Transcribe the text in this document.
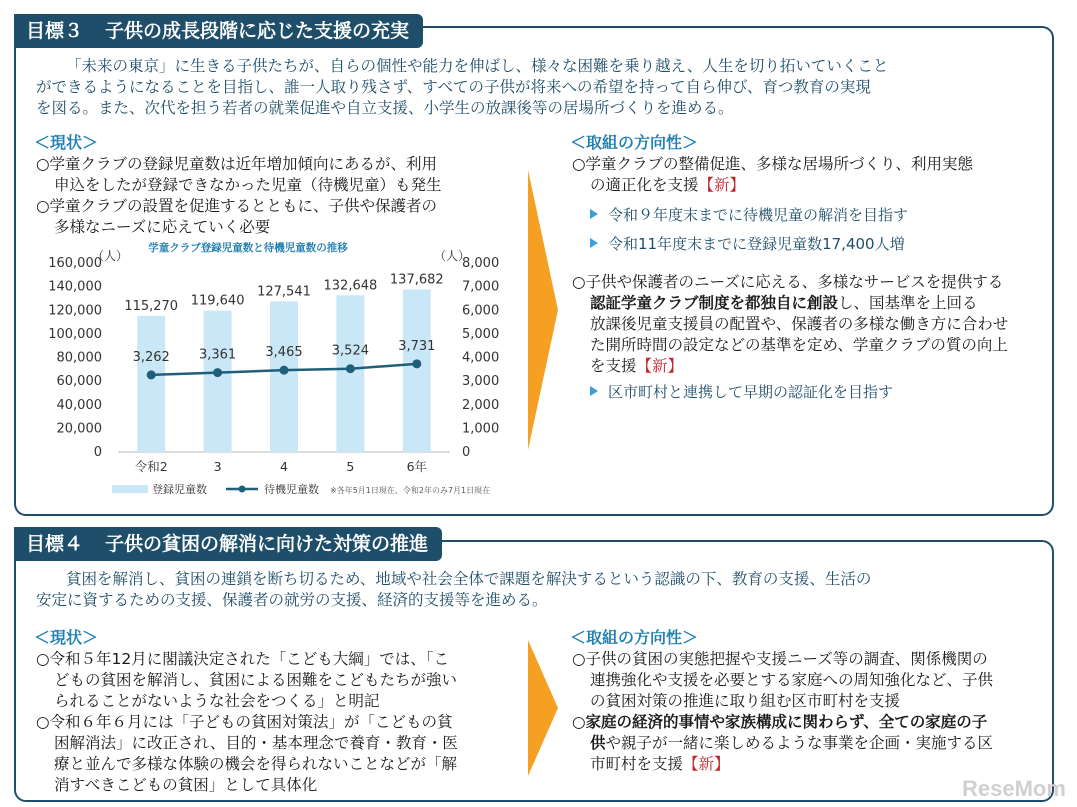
目標３ 子供の成長段階に応じた支援の充実
「未来の東京」に生きる子供たちが、自らの個性や能力を伸ばし、様々な困難を乗り越え、人生を切り拓いていくこと
ができるようになることを目指し、誰一人取り残さず、すべての子供が将来への希望を持って自ら伸び、育つ教育の実現
を図る。また、次代を担う若者の就業促進や自立支援、小学生の放課後等の居場所づくりを進める。
＜現状＞
○学童クラブの登録児童数は近年増加傾向にあるが、利用
申込をしたが登録できなかった児童（待機児童）も発生
○学童クラブの設置を促進するとともに、子供や保護者の
多様なニーズに応えていく必要
学童クラブ登録児童数と待機児童数の推移
（人）	（人）
160,000
140,000
120,000
100,000
80,000
60,000
40,000
20,000
0
8,000
7,000
6,000
5,000
4,000
3,000
2,000
1,000
0
115,270 119,640
127,541 132,648 137,682
3,262 3,361 3,465 3,524 3,731
令和2	3	4	5	6年
登録児童数	待機児童数 ※各年5月1日現在、令和2年のみ7月1日現在
＜取組の方向性＞
○学童クラブの整備促進、多様な居場所づくり、利用実態
の適正化を支援【新】
令和９年度末までに待機児童の解消を目指す
令和11年度末までに登録児童数17,400人増
○子供や保護者のニーズに応える、多様なサービスを提供する
認証学童クラブ制度を都独自に創設し、国基準を上回る
放課後児童支援員の配置や、保護者の多様な働き方に合わせ
た開所時間の設定などの基準を定め、学童クラブの質の向上
を支援【新】
区市町村と連携して早期の認証化を目指す
目標４ 子供の貧困の解消に向けた対策の推進
貧困を解消し、貧困の連鎖を断ち切るため、地域や社会全体で課題を解決するという認識の下、教育の支援、生活の
安定に資するための支援、保護者の就労の支援、経済的支援等を進める。
＜現状＞
○令和５年12月に閣議決定された「こども大綱」では、「こ
どもの貧困を解消し、貧困による困難をこどもたちが強い
られることがないような社会をつくる」と明記
○令和６年６月には「子どもの貧困対策法」が「こどもの貧
困解消法」に改正され、目的・基本理念で養育・教育・医
療と並んで多様な体験の機会を得られないことなどが「解
消すべきこどもの貧困」として具体化
＜取組の方向性＞
○子供の貧困の実態把握や支援ニーズ等の調査、関係機関の
連携強化や支援を必要とする家庭への周知強化など、子供
の貧困対策の推進に取り組む区市町村を支援
○家庭の経済的事情や家族構成に関わらず、全ての家庭の子
供や親子が一緒に楽しめるような事業を企画・実施する区
市町村を支援【新】
ReseMom
